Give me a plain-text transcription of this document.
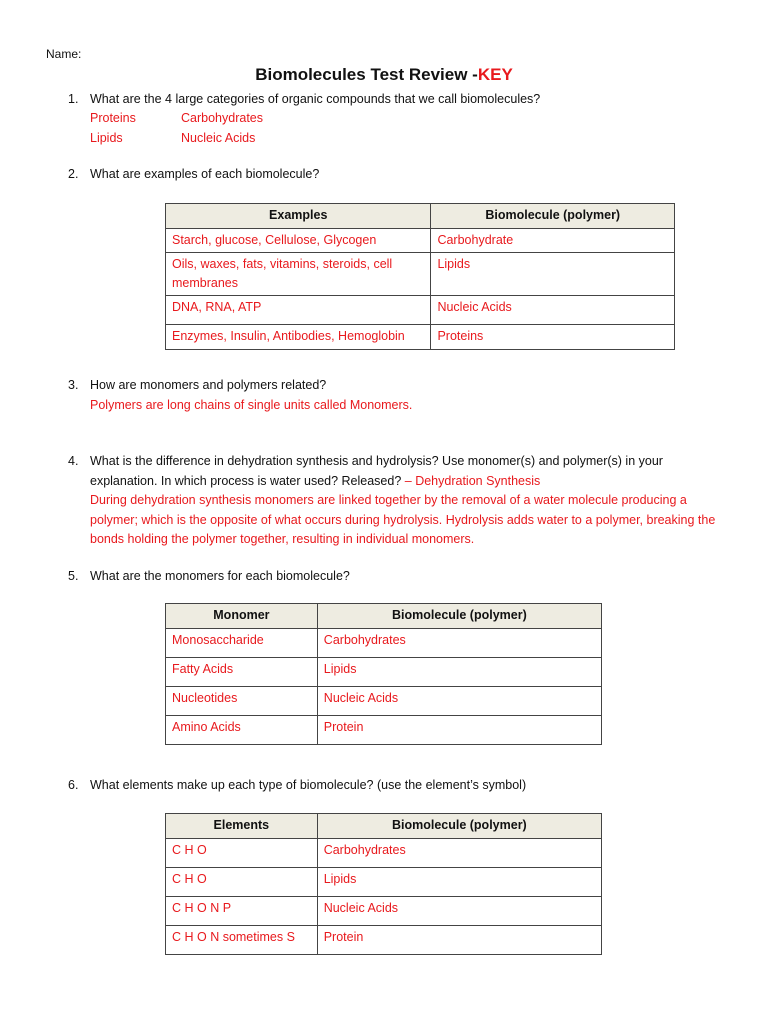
Name:
Biomolecules Test Review -KEY
1. What are the 4 large categories of organic compounds that we call biomolecules?
Proteins	Carbohydrates
Lipids	Nucleic Acids
2. What are examples of each biomolecule?
Examples	Biomolecule (polymer)
Starch, glucose, Cellulose, Glycogen	Carbohydrate
Oils, waxes, fats, vitamins, steroids, cell membranes	Lipids
DNA, RNA, ATP	Nucleic Acids
Enzymes, Insulin, Antibodies, Hemoglobin	Proteins
3. How are monomers and polymers related?
Polymers are long chains of single units called Monomers.
4. What is the difference in dehydration synthesis and hydrolysis? Use monomer(s) and polymer(s) in your explanation. In which process is water used? Released? – Dehydration Synthesis
During dehydration synthesis monomers are linked together by the removal of a water molecule producing a polymer; which is the opposite of what occurs during hydrolysis. Hydrolysis adds water to a polymer, breaking the bonds holding the polymer together, resulting in individual monomers.
5. What are the monomers for each biomolecule?
Monomer	Biomolecule (polymer)
Monosaccharide	Carbohydrates
Fatty Acids	Lipids
Nucleotides	Nucleic Acids
Amino Acids	Protein
6. What elements make up each type of biomolecule? (use the element’s symbol)
Elements	Biomolecule (polymer)
C H O	Carbohydrates
C H O	Lipids
C H O N P	Nucleic Acids
C H O N sometimes S	Protein
